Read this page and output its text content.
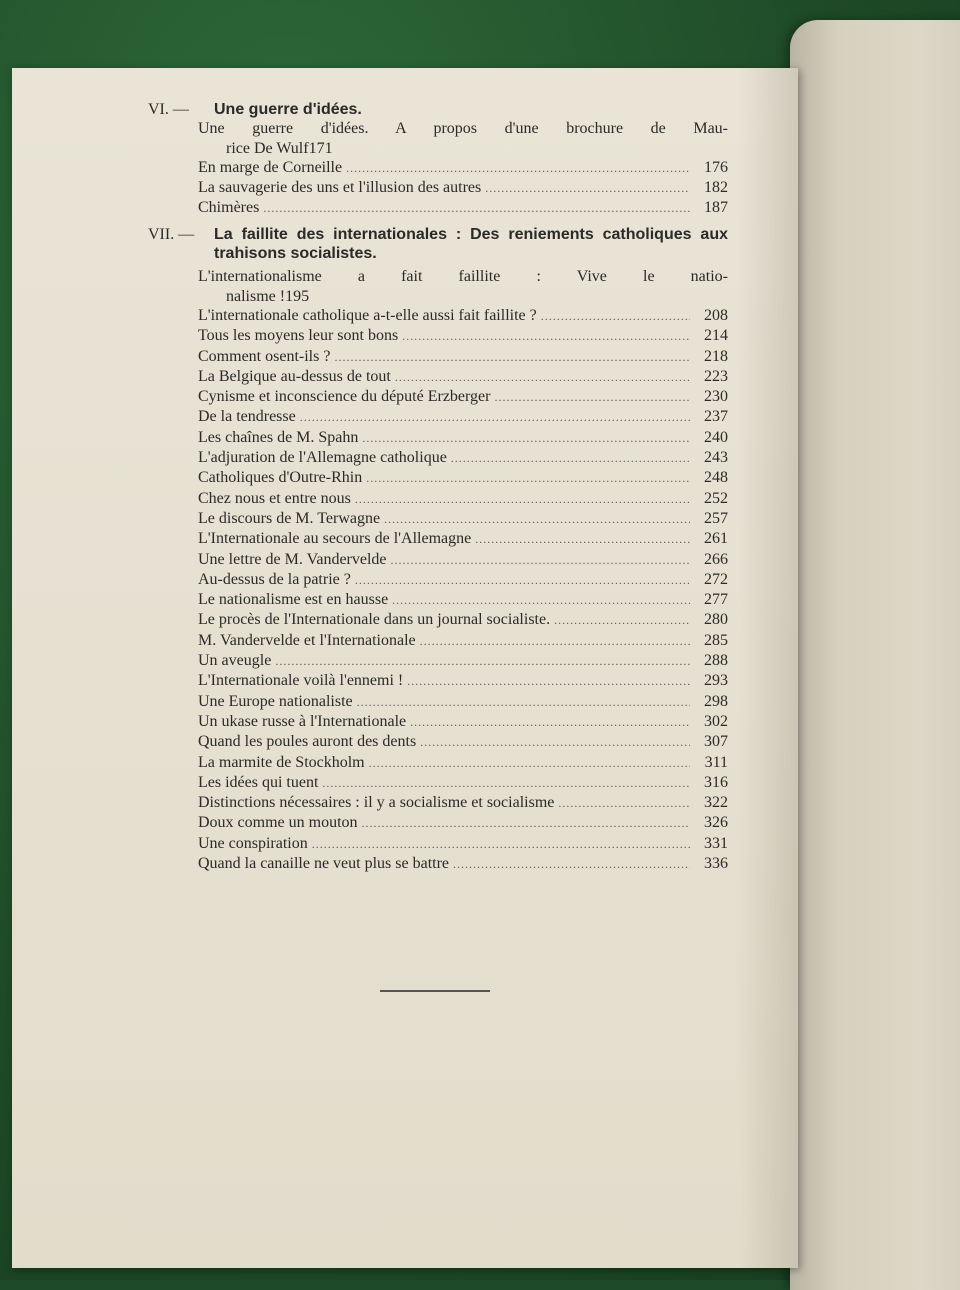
VI. —	Une guerre d'idées.
Une guerre d'idées. A propos d'une brochure de Mau-
rice De Wulf 171
En marge de Corneille .....	176
La sauvagerie des uns et l'illusion des autres .....	182
Chimères .....	187
VII. —	La faillite des internationales : Des reniements catholiques aux trahisons socialistes.
L'internationalisme a fait faillite : Vive le natio-
nalisme ! 195
L'internationale catholique a-t-elle aussi fait faillite ? .....	208
Tous les moyens leur sont bons .....	214
Comment osent-ils ? .....	218
La Belgique au-dessus de tout .....	223
Cynisme et inconscience du député Erzberger .....	230
De la tendresse .....	237
Les chaînes de M. Spahn .....	240
L'adjuration de l'Allemagne catholique .....	243
Catholiques d'Outre-Rhin .....	248
Chez nous et entre nous .....	252
Le discours de M. Terwagne .....	257
L'Internationale au secours de l'Allemagne .....	261
Une lettre de M. Vandervelde .....	266
Au-dessus de la patrie ? .....	272
Le nationalisme est en hausse .....	277
Le procès de l'Internationale dans un journal socialiste. .....	280
M. Vandervelde et l'Internationale .....	285
Un aveugle .....	288
L'Internationale voilà l'ennemi ! .....	293
Une Europe nationaliste .....	298
Un ukase russe à l'Internationale .....	302
Quand les poules auront des dents .....	307
La marmite de Stockholm .....	311
Les idées qui tuent .....	316
Distinctions nécessaires : il y a socialisme et socialisme .....	322
Doux comme un mouton .....	326
Une conspiration .....	331
Quand la canaille ne veut plus se battre .....	336
